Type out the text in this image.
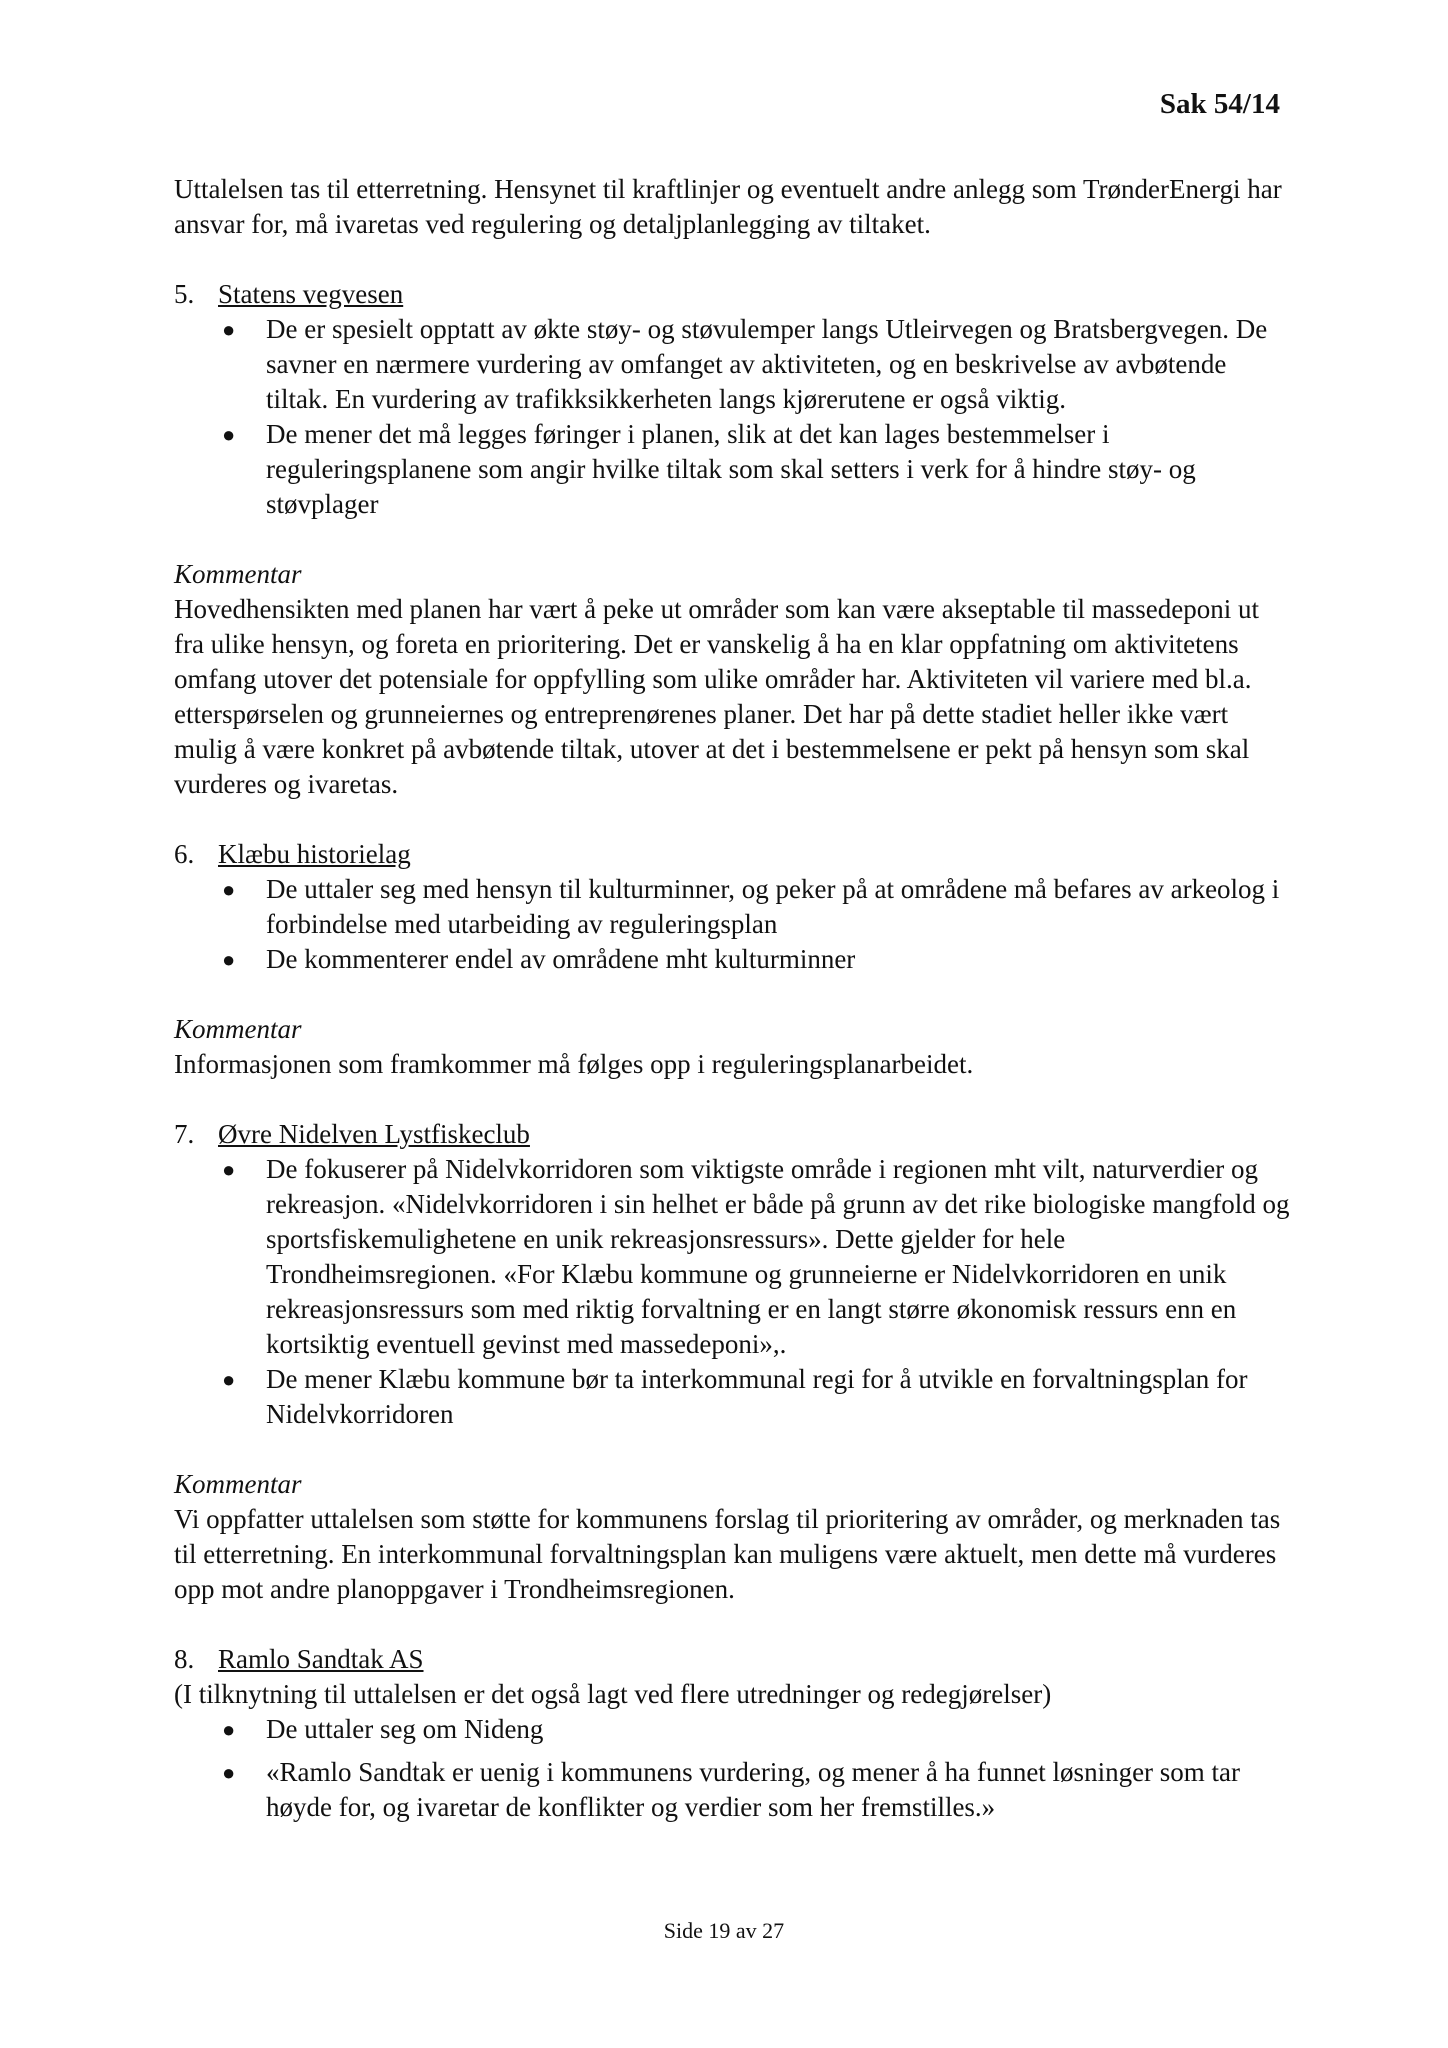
Sak 54/14

Uttalelsen tas til etterretning. Hensynet til kraftlinjer og eventuelt andre anlegg som TrønderEnergi har ansvar for, må ivaretas ved regulering og detaljplanlegging av tiltaket.

5. Statens vegvesen
●	De er spesielt opptatt av økte støy- og støvulemper langs Utleirvegen og Bratsbergvegen. De savner en nærmere vurdering av omfanget av aktiviteten, og en beskrivelse av avbøtende tiltak. En vurdering av trafikksikkerheten langs kjørerutene er også viktig.
●	De mener det må legges føringer i planen, slik at det kan lages bestemmelser i reguleringsplanene som angir hvilke tiltak som skal setters i verk for å hindre støy- og støvplager

Kommentar

Hovedhensikten med planen har vært å peke ut områder som kan være akseptable til massedeponi ut fra ulike hensyn, og foreta en prioritering. Det er vanskelig å ha en klar oppfatning om aktivitetens omfang utover det potensiale for oppfylling som ulike områder har. Aktiviteten vil variere med bl.a. etterspørselen og grunneiernes og entreprenørenes planer. Det har på dette stadiet heller ikke vært mulig å være konkret på avbøtende tiltak, utover at det i bestemmelsene er pekt på hensyn som skal vurderes og ivaretas.

6. Klæbu historielag
●	De uttaler seg med hensyn til kulturminner, og peker på at områdene må befares av arkeolog i forbindelse med utarbeiding av reguleringsplan
●	De kommenterer endel av områdene mht kulturminner

Kommentar

Informasjonen som framkommer må følges opp i reguleringsplanarbeidet.

7. Øvre Nidelven Lystfiskeclub
●	De fokuserer på Nidelvkorridoren som viktigste område i regionen mht vilt, naturverdier og rekreasjon. «Nidelvkorridoren i sin helhet er både på grunn av det rike biologiske mangfold og sportsfiskemulighetene en unik rekreasjonsressurs». Dette gjelder for hele Trondheimsregionen. «For Klæbu kommune og grunneierne er Nidelvkorridoren en unik rekreasjonsressurs som med riktig forvaltning er en langt større økonomisk ressurs enn en kortsiktig eventuell gevinst med massedeponi»,.
●	De mener Klæbu kommune bør ta interkommunal regi for å utvikle en forvaltningsplan for Nidelvkorridoren

Kommentar

Vi oppfatter uttalelsen som støtte for kommunens forslag til prioritering av områder, og merknaden tas til etterretning. En interkommunal forvaltningsplan kan muligens være aktuelt, men dette må vurderes opp mot andre planoppgaver i Trondheimsregionen.

8. Ramlo Sandtak AS

(I tilknytning til uttalelsen er det også lagt ved flere utredninger og redegjørelser)

●	De uttaler seg om Nideng
●	«Ramlo Sandtak er uenig i kommunens vurdering, og mener å ha funnet løsninger som tar høyde for, og ivaretar de konflikter og verdier som her fremstilles.»
Side 19 av 27
